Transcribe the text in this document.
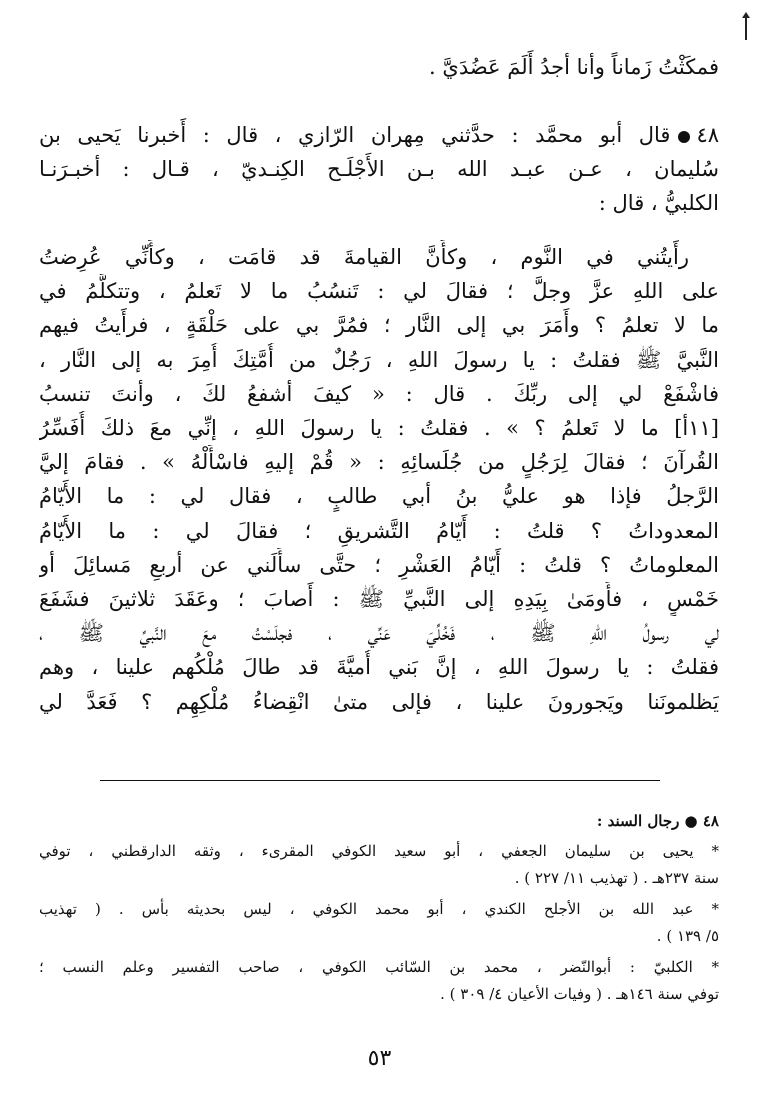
فمكَثْتُ زَماناً وأنا أجدُ أَلَمَ عَضُدَيَّ .
٤٨قال أبو محمَّد : حدَّثني مِهران الرّازي ، قال : أَخبرنا يَحيى بن
سُليمان ، عـن عبـد الله بـن الأَجْلَـح الكِنـديّ ، قـال : أخبـرَنـا
الكلبيُّ ، قال :
رأَيتُني في النَّوم ، وكأَنَّ القيامةَ قد قامَت ، وكأَنِّي عُرِضتُ
على اللهِ عزَّ وجلَّ ؛ فقالَ لي : تَنسُبُ ما لا تَعلمُ ، وتتكلَّمُ في
ما لا تعلمُ ؟ وأَمَرَ بي إلى النَّار ؛ فمُرَّ بي على حَلْقَةٍ ، فرأَيتُ فيهم
النَّبيَّ ﷺ فقلتُ : يا رسولَ اللهِ ، رَجُلٌ من أُمَّتِكَ أُمِرَ به إلى النَّار ،
فاشْفَعْ لي إلى ربِّكَ . قال : « كيفَ أشفعُ لكَ ، وأنتَ تنسبُ
[١١أ] ما لا تَعلمُ ؟ » . فقلتُ : يا رسولَ اللهِ ، إنِّي معَ ذلكَ أُفَسِّرُ
القُرآنَ ؛ فقالَ لِرَجُلٍ من جُلَسائِهِ : « قُمْ إليهِ فاسْأَلْهُ » . فقامَ إليَّ
الرَّجلُ فإذا هو عليُّ بنُ أبي طالبٍ ، فقال لي : ما الأَيّامُ
المعدوداتُ ؟ قلتُ : أَيّامُ التَّشريقِ ؛ فقالَ لي : ما الأَيّامُ
المعلوماتُ ؟ قلتُ : أَيّامُ العَشْرِ ؛ حتَّى سأَلَني عن أربعِ مَسائِلَ أو
خَمْسٍ ، فأَومَىٰ بِيَدِهِ إلى النَّبيِّ ﷺ : أَصابَ ؛ وعَقَدَ ثلاثينَ فشَفَعَ
لي رسولُ اللهِ ﷺ ، فَخُلِّيَ عَنِّي ، فجلَسْتُ معَ النَّبيِّ ﷺ ،
فقلتُ : يا رسولَ اللهِ ، إنَّ بَني أُميَّةَ قد طالَ مُلْكُهم علينا ، وهم
يَظلمونَنا ويَجورونَ علينا ، فإلى متىٰ انْقِضاءُ مُلْكِهِم ؟ فَعَدَّ لي
٤٨ ● رجال السند :
* يحيى بن سليمان الجعفي ، أبو سعيد الكوفي المقرىء ، وثقه الدارقطني ، توفي
سنة ٢٣٧هـ . ( تهذيب ١١/ ٢٢٧ ) .
* عبد الله بن الأجلح الكندي ، أبو محمد الكوفي ، ليس بحديثه بأس . ( تهذيب
٥/ ١٣٩ ) .
* الكلبيّ : أبوالنّضر ، محمد بن السّائب الكوفي ، صاحب التفسير وعلم النسب ؛
توفي سنة ١٤٦هـ . ( وفيات الأعيان ٤/ ٣٠٩ ) .
٥٣
